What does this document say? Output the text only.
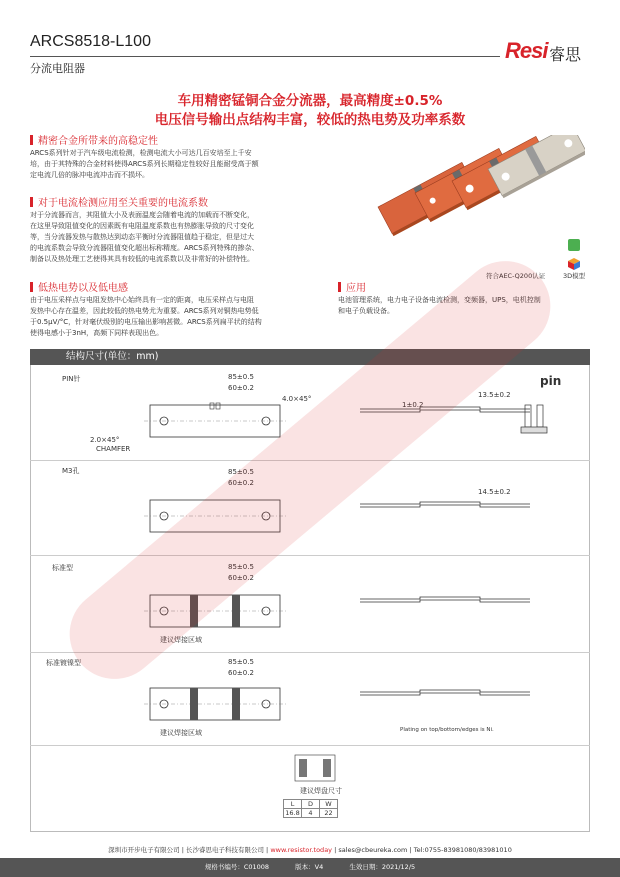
ARCS8518-L100
分流电阻器
Resi 睿思
车用精密锰铜合金分流器，最高精度±0.5%
电压信号输出点结构丰富，较低的热电势及功率系数
精密合金所带来的高稳定性
ARCS系列针对于汽车级电流检测，检测电流大小可达几百安培至上千安
培，由于其特殊的合金材料使得ARCS系列长期稳定性较好且能耐受高于额
定电流几倍的脉冲电流冲击而不损坏。
对于电流检测应用至关重要的电流系数
对于分流器而言，其阻值大小及表面温度会随着电流的加载而不断变化，
在这里导致阻值变化的因素既有电阻温度系数也有热膨胀导致的尺寸变化
等，当分流器发热与散热达到动态平衡时分流器阻值趋于稳定，但是过大
的电流系数会导致分流器阻值变化超出标称精度。ARCS系列特殊的掺杂、
制备以及热处理工艺使得其具有较低的电流系数以及非常好的补偿特性。
低热电势以及低电感
由于电压采样点与电阻发热中心始终具有一定的距离，电压采样点与电阻
发热中心存在温差，因此较低的热电势尤为重要。ARCS系列对铜热电势低
于0.5μV/°C，针对毫伏级别的电压输出影响甚微。ARCS系列扁平状的结构
使得电感小于3nH，高频下同样表现出色。
应用
电池管理系统，电力电子设备电流检测，变频器，UPS，电机控制
和电子负载设备。
符合AEC-Q200认证	3D模型
结构尺寸(单位：mm)
PIN针
M3孔
标准型
标准镀镍型
85±0.5
60±0.2
4.0×45°
2.0×45°
CHAMFER
13.5±0.2
1±0.2
pin
85±0.5
60±0.2
14.5±0.2
85±0.5
60±0.2
建议焊接区域
85±0.5
60±0.2
建议焊接区域	Plating on top/bottom/edges is Ni.
建议焊盘尺寸
L	D	W
16.8	4	22
深圳市开步电子有限公司 | 长沙睿思电子科技有限公司 | www.resistor.today | sales@cbeureka.com | Tel:0755-83981080/83981010
规格书编号：C01008	版本：V4	生效日期：2021/12/5
